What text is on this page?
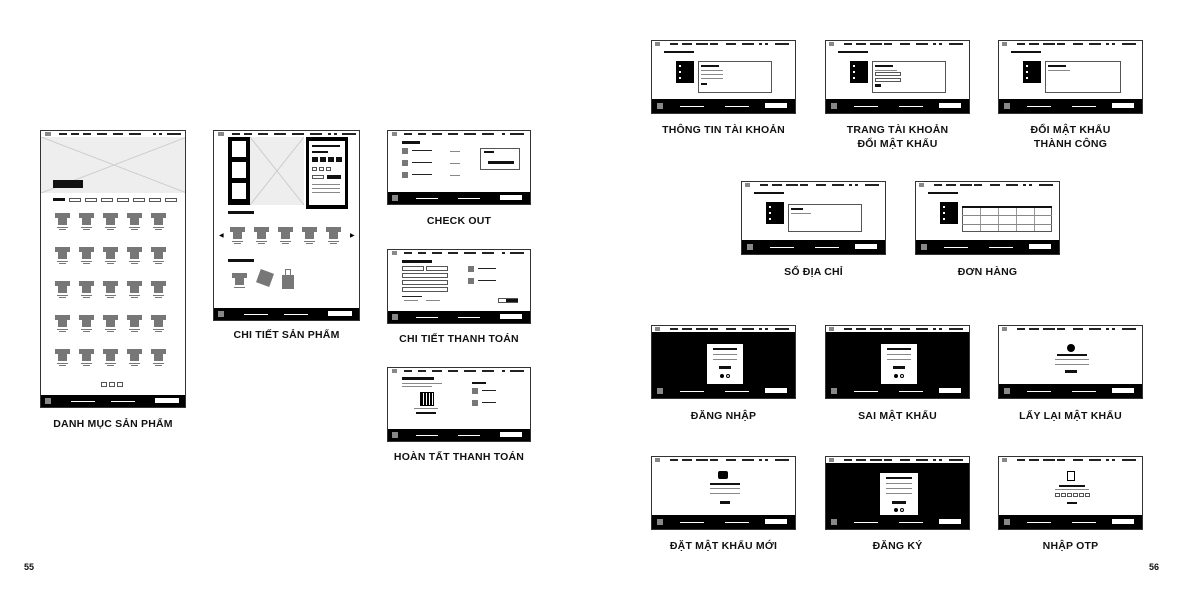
DANH MỤC SẢN PHẨM
◀	▶
CHI TIẾT SẢN PHẨM
CHECK OUT
CHI TIẾT THANH TOÁN
HOÀN TẤT THANH TOÁN
55
THÔNG TIN TÀI KHOẢN	TRANG TÀI KHOẢN
ĐỔI MẬT KHẨU
ĐỔI MẬT KHẨU
THÀNH CÔNG
SỔ ĐỊA CHỈ	ĐƠN HÀNG
ĐĂNG NHẬP	SAI MẬT KHẨU	LẤY LẠI MẬT KHẨU
ĐẶT MẬT KHẨU MỚI	ĐĂNG KÝ	NHẬP OTP
56
